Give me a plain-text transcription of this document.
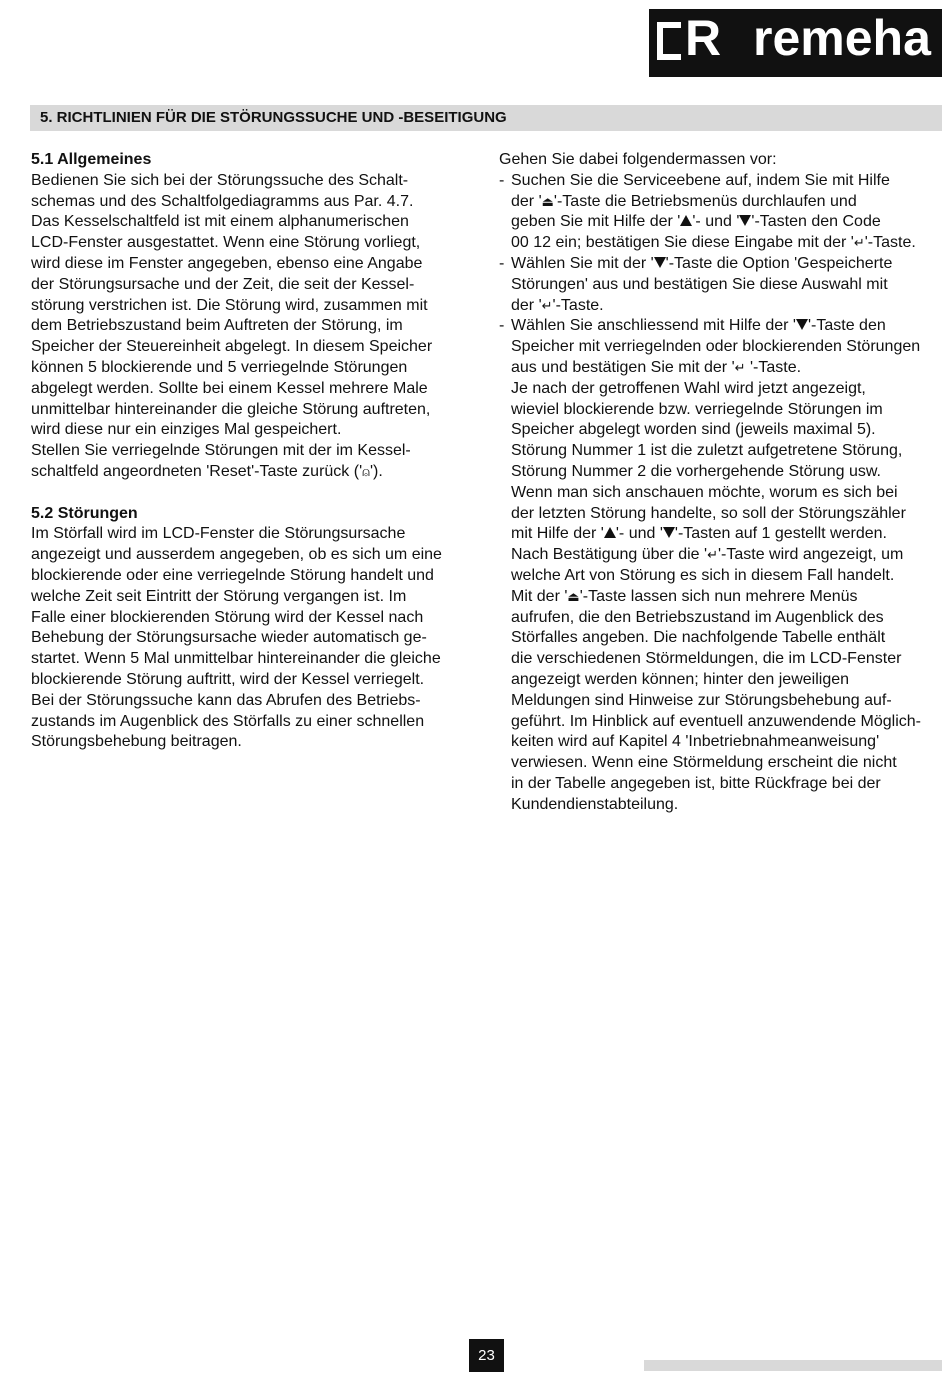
R remeha
5. RICHTLINIEN FÜR DIE STÖRUNGSSUCHE UND -BESEITIGUNG
5.1 Allgemeines
Bedienen Sie sich bei der Störungssuche des Schalt-
schemas und des Schaltfolgediagramms aus Par. 4.7.
Das Kesselschaltfeld ist mit einem alphanumerischen
LCD-Fenster ausgestattet. Wenn eine Störung vorliegt,
wird diese im Fenster angegeben, ebenso eine Angabe
der Störungsursache und der Zeit, die seit der Kessel-
störung verstrichen ist. Die Störung wird, zusammen mit
dem Betriebszustand beim Auftreten der Störung, im
Speicher der Steuereinheit abgelegt. In diesem Speicher
können 5 blockierende und 5 verriegelnde Störungen
abgelegt werden. Sollte bei einem Kessel mehrere Male
unmittelbar hintereinander die gleiche Störung auftreten,
wird diese nur ein einziges Mal gespeichert.
Stellen Sie verriegelnde Störungen mit der im Kessel-
schaltfeld angeordneten 'Reset'-Taste zurück ('⍝').
5.2 Störungen
Im Störfall wird im LCD-Fenster die Störungsursache
angezeigt und ausserdem angegeben, ob es sich um eine
blockierende oder eine verriegelnde Störung handelt und
welche Zeit seit Eintritt der Störung vergangen ist. Im
Falle einer blockierenden Störung wird der Kessel nach
Behebung der Störungsursache wieder automatisch ge-
startet. Wenn 5 Mal unmittelbar hintereinander die gleiche
blockierende Störung auftritt, wird der Kessel verriegelt.
Bei der Störungssuche kann das Abrufen des Betriebs-
zustands im Augenblick des Störfalls zu einer schnellen
Störungsbehebung beitragen.
Gehen Sie dabei folgendermassen vor:
- Suchen Sie die Serviceebene auf, indem Sie mit Hilfe
der '⏏'-Taste die Betriebsmenüs durchlaufen und
geben Sie mit Hilfe der ' '- und ' '-Tasten den Code
00 12 ein; bestätigen Sie diese Eingabe mit der '↵'-Taste.
- Wählen Sie mit der ' '-Taste die Option 'Gespeicherte
Störungen' aus und bestätigen Sie diese Auswahl mit
der '↵'-Taste.
- Wählen Sie anschliessend mit Hilfe der ' '-Taste den
Speicher mit verriegelnden oder blockierenden Störungen
aus und bestätigen Sie mit der '↵ '-Taste.
Je nach der getroffenen Wahl wird jetzt angezeigt,
wieviel blockierende bzw. verriegelnde Störungen im
Speicher abgelegt worden sind (jeweils maximal 5).
Störung Nummer 1 ist die zuletzt aufgetretene Störung,
Störung Nummer 2 die vorhergehende Störung usw.
Wenn man sich anschauen möchte, worum es sich bei
der letzten Störung handelte, so soll der Störungszähler
mit Hilfe der ' '- und ' '-Tasten auf 1 gestellt werden.
Nach Bestätigung über die '↵'-Taste wird angezeigt, um
welche Art von Störung es sich in diesem Fall handelt.
Mit der '⏏'-Taste lassen sich nun mehrere Menüs
aufrufen, die den Betriebszustand im Augenblick des
Störfalles angeben. Die nachfolgende Tabelle enthält
die verschiedenen Störmeldungen, die im LCD-Fenster
angezeigt werden können; hinter den jeweiligen
Meldungen sind Hinweise zur Störungsbehebung auf-
geführt. Im Hinblick auf eventuell anzuwendende Möglich-
keiten wird auf Kapitel 4 'Inbetriebnahmeanweisung'
verwiesen. Wenn eine Störmeldung erscheint die nicht
in der Tabelle angegeben ist, bitte Rückfrage bei der
Kundendienstabteilung.
23
